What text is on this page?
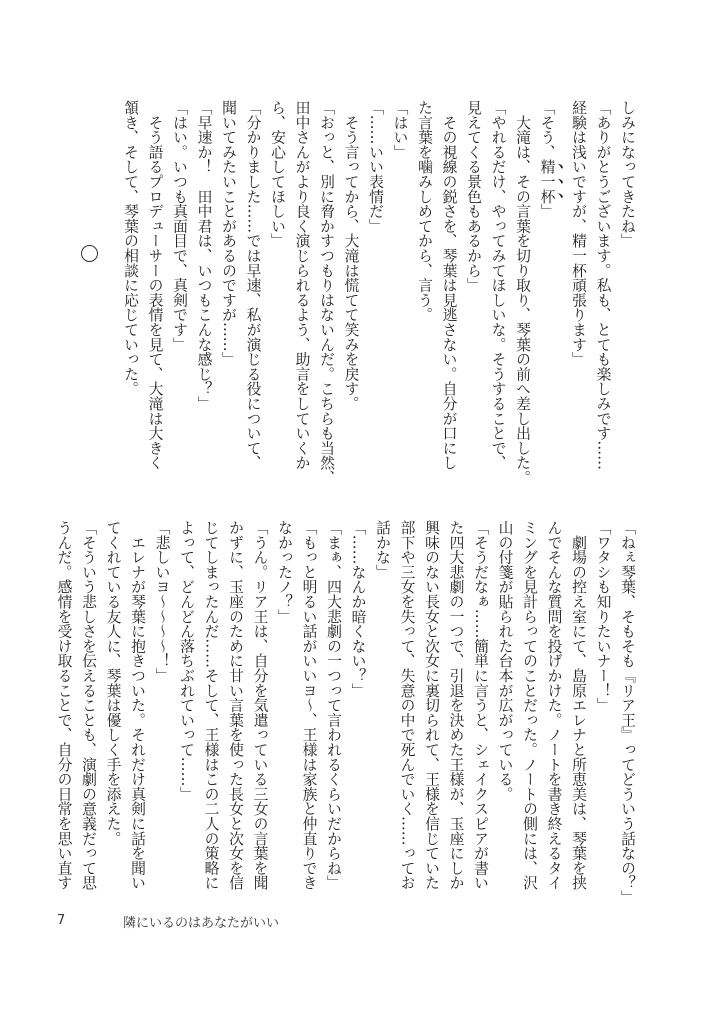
しみになってきたね」
「ありがとうございます。私も、とても楽しみです……
経験は浅いですが、精一杯頑張ります」
「そう、精一杯」
　大滝は、その言葉を切り取り、琴葉の前へ差し出した。
「やれるだけ、やってみてほしいな。そうすることで、
見えてくる景色もあるから」
　その視線の鋭さを、琴葉は見逃さない。自分が口にし
た言葉を噛みしめてから、言う。
「はい」
「……いい表情だ」
　そう言ってから、大滝は慌てて笑みを戻す。
「おっと、別に脅かすつもりはないんだ。こちらも当然、
田中さんがより良く演じられるよう、助言をしていくか
ら、安心してほしい」
「分かりました……では早速、私が演じる役について、
聞いてみたいことがあるのですが……」
「早速か！　田中君は、いつもこんな感じ？」
「はい。いつも真面目で、真剣です」
　そう語るプロデューサーの表情を見て、大滝は大きく
頷き、そして、琴葉の相談に応じていった。
「ねぇ琴葉、そもそも『リア王』ってどういう話なの？」
「ワタシも知りたいナー！」
　劇場の控え室にて、島原エレナと所恵美は、琴葉を挟
んでそんな質問を投げかけた。ノートを書き終えるタイ
ミングを見計らってのことだった。ノートの側には、沢
山の付箋が貼られた台本が広がっている。
「そうだなぁ……簡単に言うと、シェイクスピアが書い
た四大悲劇の一つで、引退を決めた王様が、玉座にしか
興味のない長女と次女に裏切られて、王様を信じていた
部下や三女を失って、失意の中で死んでいく……ってお
話かな」
「……なんか暗くない？」
「まぁ、四大悲劇の一つって言われるくらいだからね」
「もっと明るい話がいいヨ～、王様は家族と仲直りでき
なかったノ？」
「うん。リア王は、自分を気遣っている三女の言葉を聞
かずに、玉座のために甘い言葉を使った長女と次女を信
じてしまったんだ……そして、王様はこの二人の策略に
よって、どんどん落ちぶれていって……」
「悲しいヨ～～～～！」
　エレナが琴葉に抱きついた。それだけ真剣に話を聞い
てくれている友人に、琴葉は優しく手を添えた。
「そういう悲しさを伝えることも、演劇の意義だって思
うんだ。感情を受け取ることで、自分の日常を思い直す
7	隣にいるのはあなたがいい
